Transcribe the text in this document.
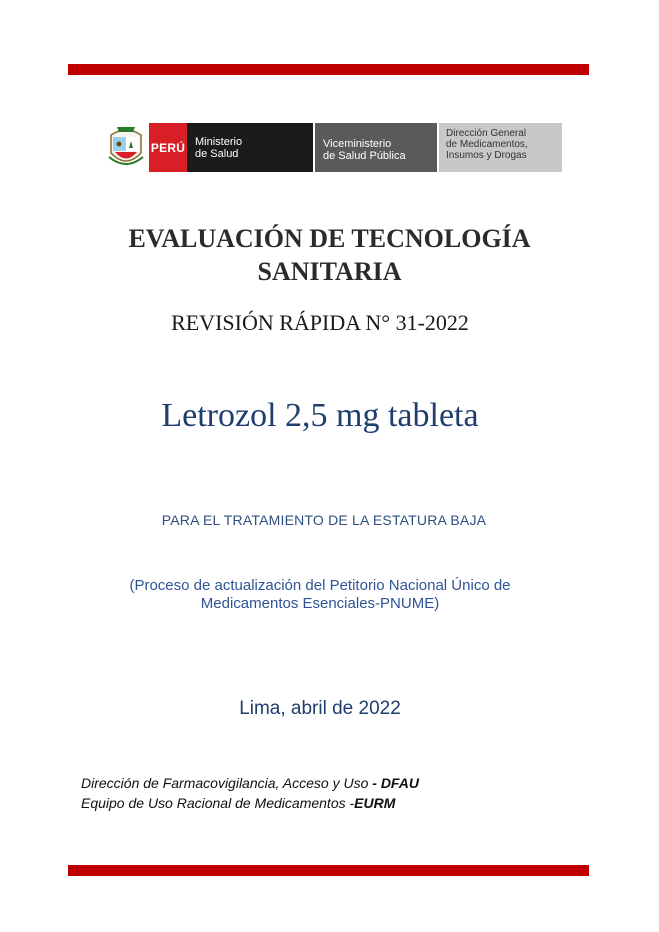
PERÚ Ministerio
de Salud
Viceministerio
de Salud Pública
Dirección General
de Medicamentos,
Insumos y Drogas
EVALUACIÓN DE TECNOLOGÍA
SANITARIA
REVISIÓN RÁPIDA N° 31-2022
Letrozol 2,5 mg tableta
PARA EL TRATAMIENTO DE LA ESTATURA BAJA
(Proceso de actualización del Petitorio Nacional Único de
Medicamentos Esenciales-PNUME)
Lima, abril de 2022
Dirección de Farmacovigilancia, Acceso y Uso - DFAU
Equipo de Uso Racional de Medicamentos -EURM
